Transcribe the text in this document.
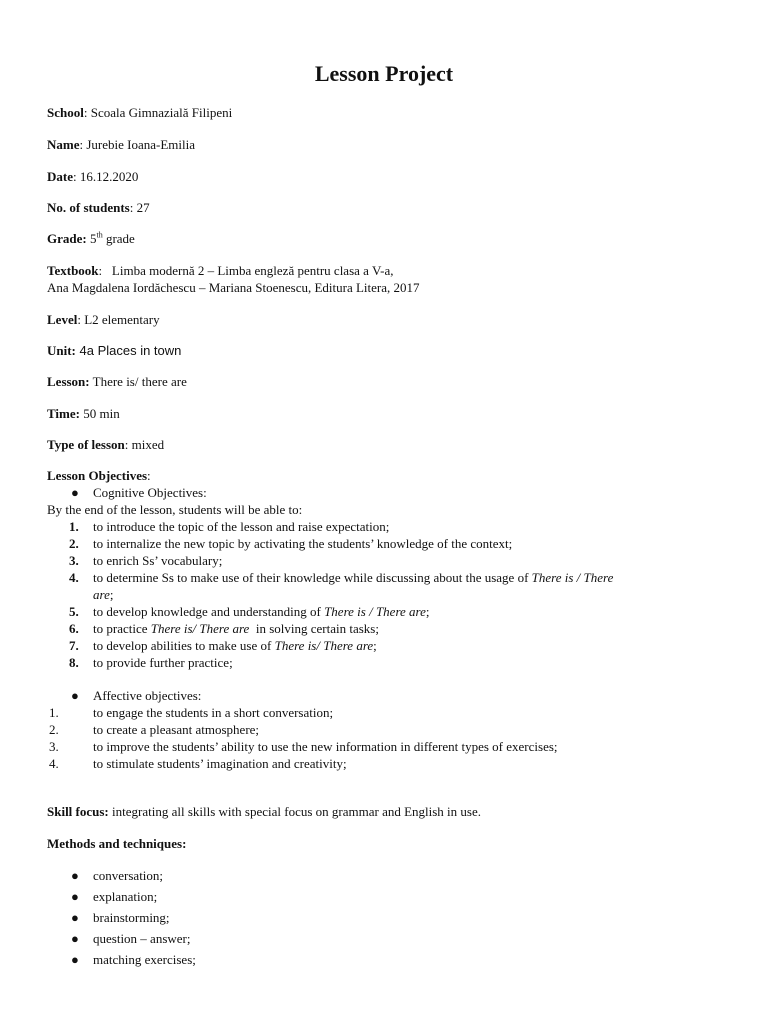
Lesson Project
School: Scoala Gimnazială Filipeni
Name: Jurebie Ioana-Emilia
Date: 16.12.2020
No. of students: 27
Grade: 5th grade
Textbook:   Limba modernă 2 – Limba engleză pentru clasa a V-a,
Ana Magdalena Iordăchescu – Mariana Stoenescu, Editura Litera, 2017
Level: L2 elementary
Unit: 4a Places in town
Lesson: There is/ there are
Time: 50 min
Type of lesson: mixed
Lesson Objectives:
● Cognitive Objectives:
By the end of the lesson, students will be able to:
1.	to introduce the topic of the lesson and raise expectation;
2.	to internalize the new topic by activating the students’ knowledge of the context;
3.	to enrich Ss’ vocabulary;
4.	to determine Ss to make use of their knowledge while discussing about the usage of There is / There
are;
5.	to develop knowledge and understanding of There is / There are;
6.	to practice There is/ There are  in solving certain tasks;
7.	to develop abilities to make use of There is/ There are;
8.	to provide further practice;
● Affective objectives:
1.	to engage the students in a short conversation;
2.	to create a pleasant atmosphere;
3.	to improve the students’ ability to use the new information in different types of exercises;
4.	to stimulate students’ imagination and creativity;
Skill focus: integrating all skills with special focus on grammar and English in use.
Methods and techniques:
● conversation;
● explanation;
● brainstorming;
● question – answer;
● matching exercises;
